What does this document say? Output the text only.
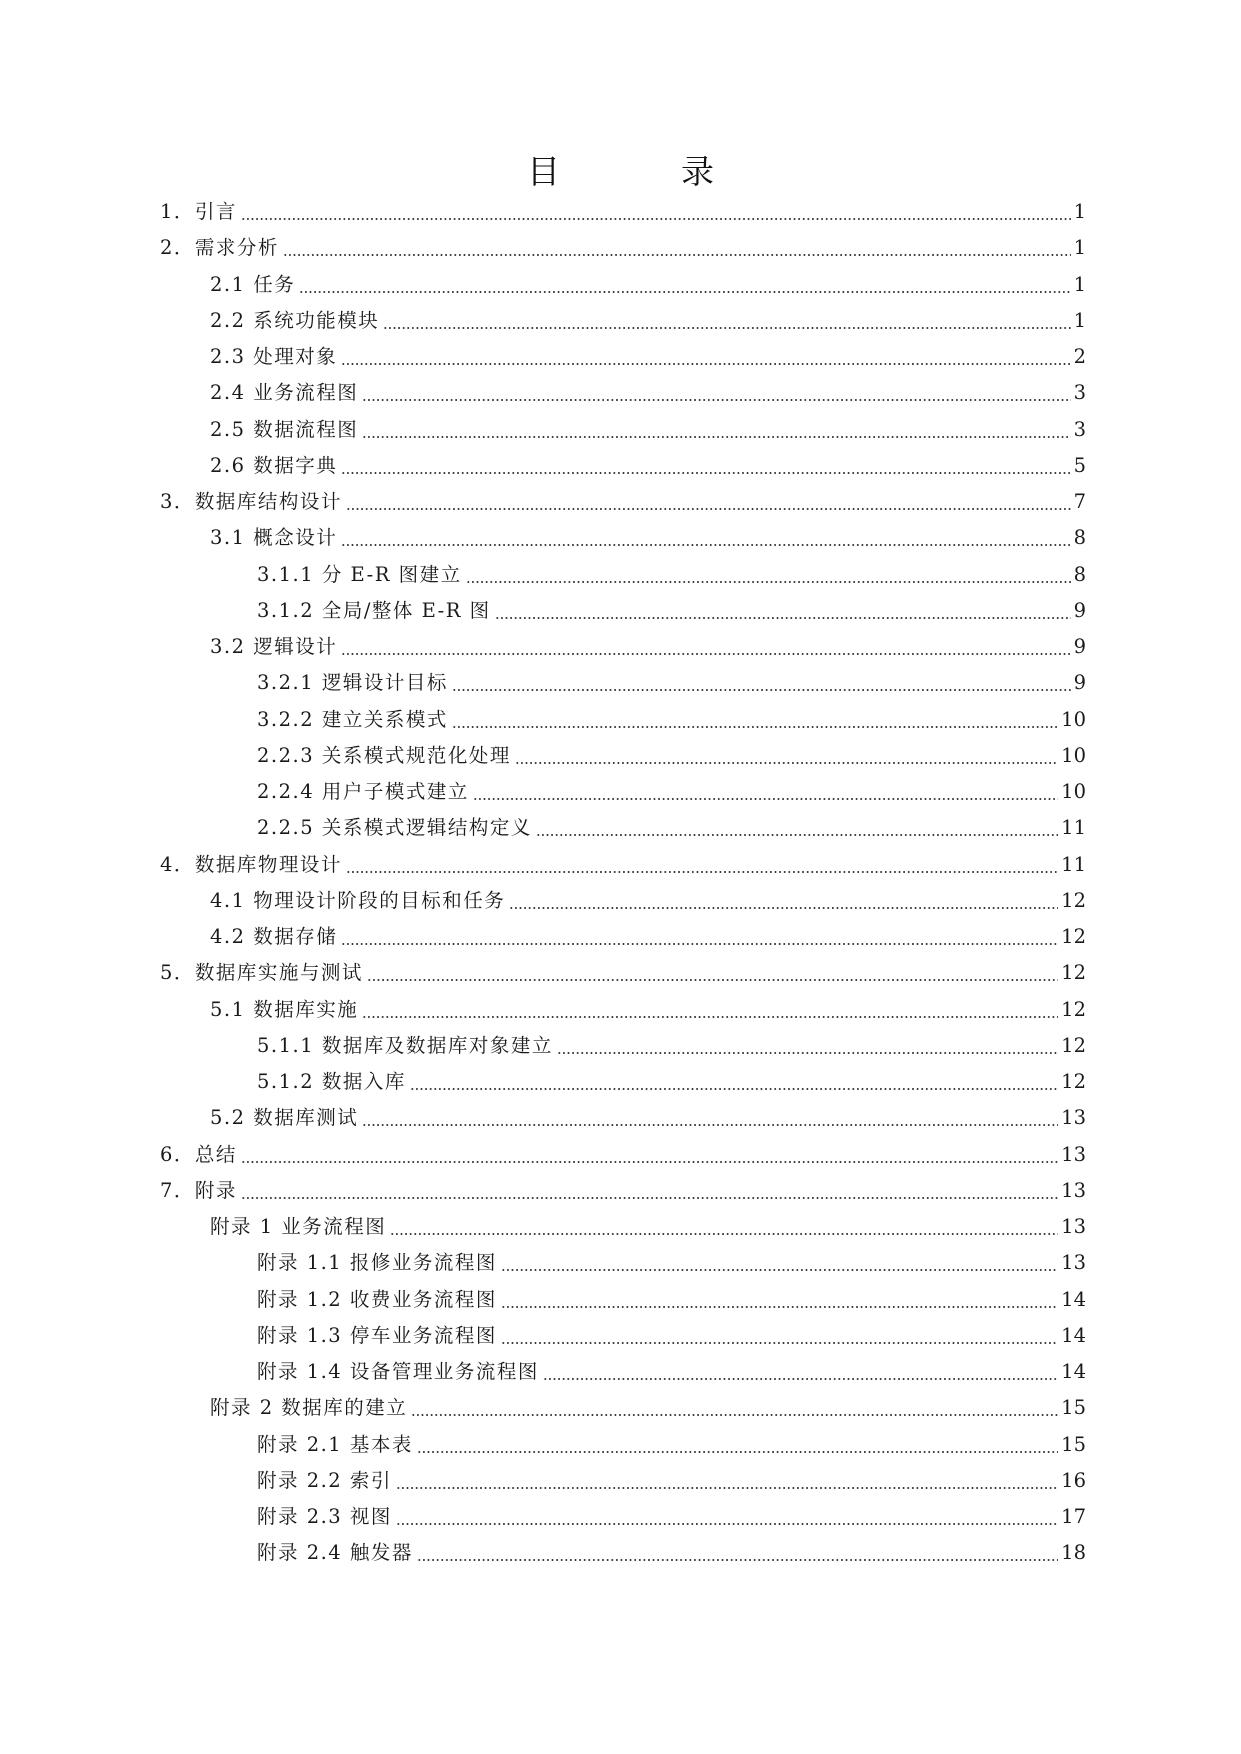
目　录
1．引言	1
2．需求分析	1
2.1 任务	1
2.2 系统功能模块	1
2.3 处理对象	2
2.4 业务流程图	3
2.5 数据流程图	3
2.6 数据字典	5
3．数据库结构设计	7
3.1 概念设计	8
3.1.1 分 E-R 图建立	8
3.1.2 全局/整体 E-R 图	9
3.2 逻辑设计	9
3.2.1 逻辑设计目标	9
3.2.2 建立关系模式	10
2.2.3 关系模式规范化处理	10
2.2.4 用户子模式建立	10
2.2.5 关系模式逻辑结构定义	11
4．数据库物理设计	11
4.1 物理设计阶段的目标和任务	12
4.2 数据存储	12
5．数据库实施与测试	12
5.1 数据库实施	12
5.1.1 数据库及数据库对象建立	12
5.1.2 数据入库	12
5.2 数据库测试	13
6．总结	13
7．附录	13
附录 1 业务流程图	13
附录 1.1 报修业务流程图	13
附录 1.2 收费业务流程图	14
附录 1.3 停车业务流程图	14
附录 1.4 设备管理业务流程图	14
附录 2 数据库的建立	15
附录 2.1 基本表	15
附录 2.2 索引	16
附录 2.3 视图	17
附录 2.4 触发器	18
